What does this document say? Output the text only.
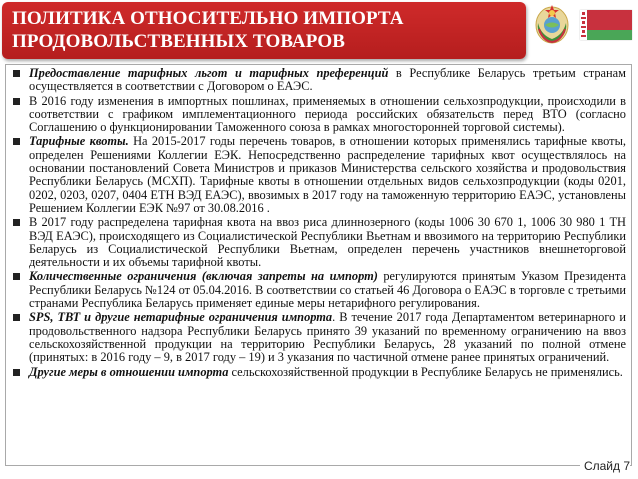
ПОЛИТИКА ОТНОСИТЕЛЬНО ИМПОРТА
ПРОДОВОЛЬСТВЕННЫХ ТОВАРОВ
Предоставление тарифных льгот и тарифных преференций в Республике Беларусь третьим странам осуществляется в соответствии с Договором о ЕАЭС.
В 2016 году изменения в импортных пошлинах, применяемых в отношении сельхозпродукции, происходили в соответствии с графиком имплементационного периода российских обязательств перед ВТО (согласно Соглашению о функционировании Таможенного союза в рамках многосторонней торговой системы).
Тарифные квоты. На 2015-2017 годы перечень товаров, в отношении которых применялись тарифные квоты, определен Решениями Коллегии ЕЭК. Непосредственно распределение тарифных квот осуществлялось на основании постановлений Совета Министров и приказов Министерства сельского хозяйства и продовольствия Республики Беларусь (МСХП). Тарифные квоты в отношении отдельных видов сельхозпродукции (коды 0201, 0202, 0203, 0207, 0404 ЕТН ВЭД ЕАЭС), ввозимых в 2017 году на таможенную территорию ЕАЭС, установлены Решением Коллегии ЕЭК №97 от 30.08.2016 .
В 2017 году распределена тарифная квота на ввоз риса длиннозерного (коды 1006 30 670 1, 1006 30 980 1 ТН ВЭД ЕАЭС), происходящего из Социалистической Республики Вьетнам и ввозимого на территорию Республики Беларусь из Социалистической Республики Вьетнам, определен перечень участников внешнеторговой деятельности и их объемы тарифной квоты.
Количественные ограничения (включая запреты на импорт) регулируются принятым Указом Президента Республики Беларусь №124 от 05.04.2016. В соответствии со статьей 46 Договора о ЕАЭС в торговле с третьими странами Республика Беларусь применяет единые меры нетарифного регулирования.
SPS, ТВТ и другие нетарифные ограничения импорта. В течение 2017 года Департаментом ветеринарного и продовольственного надзора Республики Беларусь принято 39 указаний по временному ограничению на ввоз сельскохозяйственной продукции на территорию Республики Беларусь, 28 указаний по полной отмене (принятых: в 2016 году – 9, в 2017 году – 19) и 3 указания по частичной отмене ранее принятых ограничений.
Другие меры в отношении импорта сельскохозяйственной продукции в Республике Беларусь не применялись.
Слайд 7
